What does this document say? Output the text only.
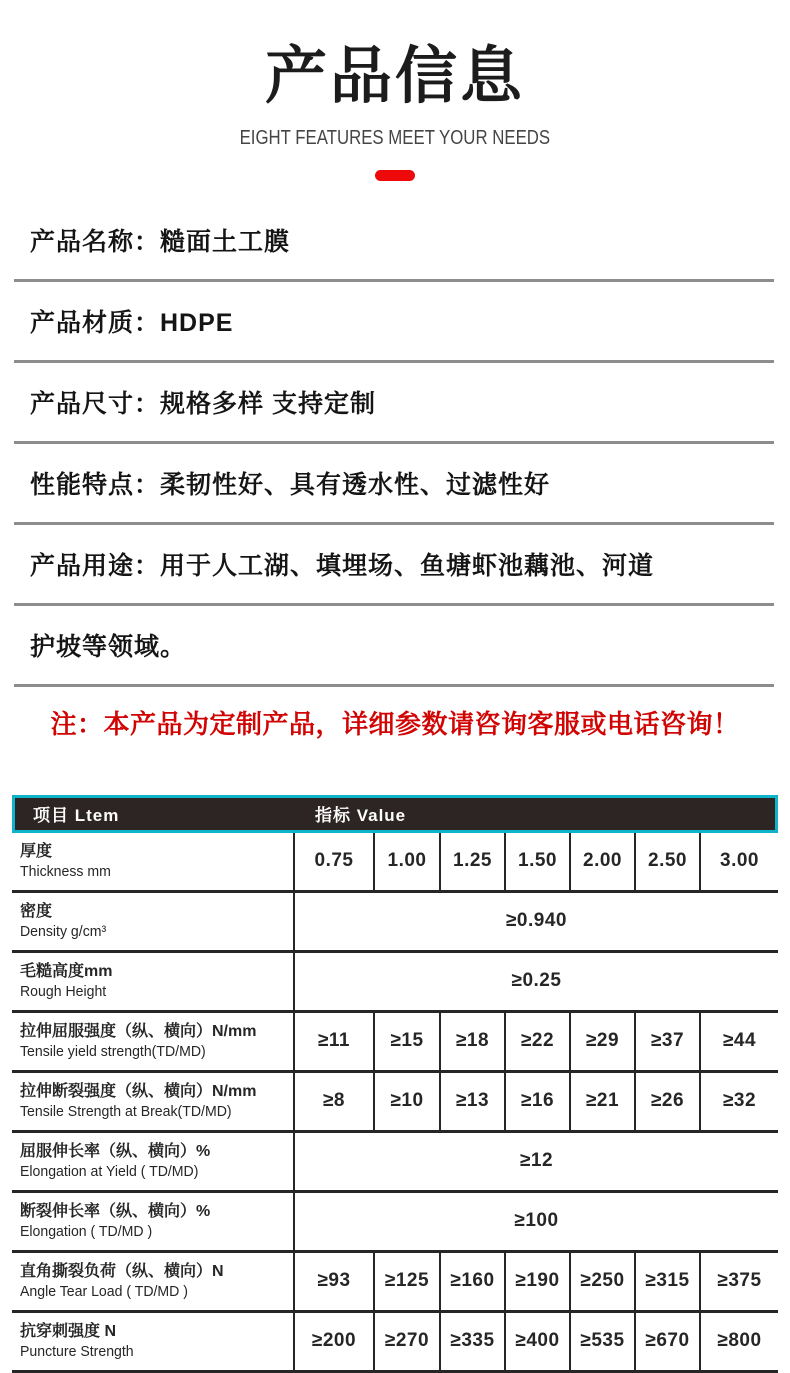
产品信息
EIGHT FEATURES MEET YOUR NEEDS
产品名称：糙面土工膜
产品材质：HDPE
产品尺寸：规格多样 支持定制
性能特点：柔韧性好、具有透水性、过滤性好
产品用途：用于人工湖、填埋场、鱼塘虾池藕池、河道
护坡等领域。
注：本产品为定制产品，详细参数请咨询客服或电话咨询！
项目 Ltem	指标 Value
厚度
Thickness mm	0.75	1.00	1.25	1.50	2.00	2.50	3.00
密度
Density g/cm³	≥0.940
毛糙高度mm
Rough Height	≥0.25
拉伸屈服强度（纵、横向）N/mm
Tensile yield strength(TD/MD)	≥11	≥15	≥18	≥22	≥29	≥37	≥44
拉伸断裂强度（纵、横向）N/mm
Tensile Strength at Break(TD/MD)	≥8	≥10	≥13	≥16	≥21	≥26	≥32
屈服伸长率（纵、横向）%
Elongation at Yield ( TD/MD)	≥12
断裂伸长率（纵、横向）%
Elongation ( TD/MD )	≥100
直角撕裂负荷（纵、横向）N
Angle Tear Load ( TD/MD )	≥93	≥125	≥160	≥190	≥250	≥315	≥375
抗穿刺强度 N
Puncture Strength	≥200	≥270	≥335	≥400	≥535	≥670	≥800
